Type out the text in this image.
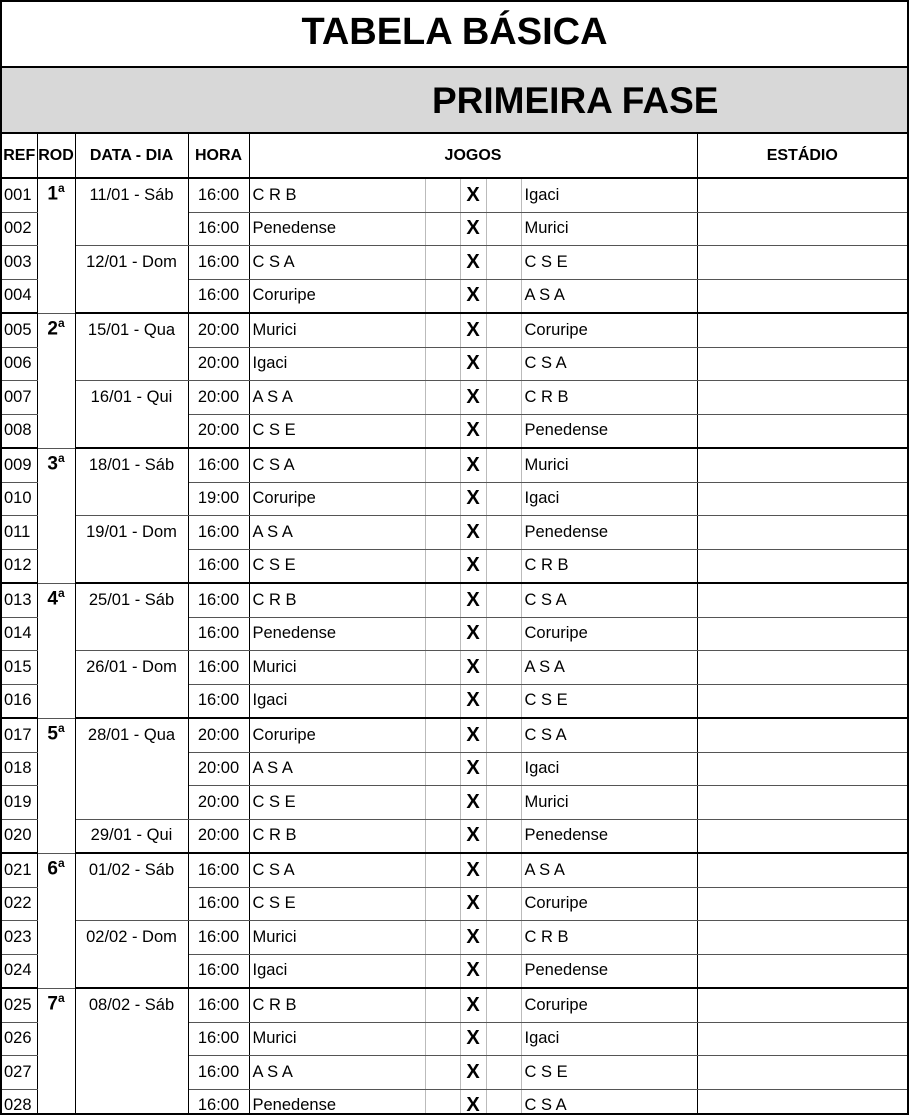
TABELA BÁSICA
PRIMEIRA FASE
REF	ROD	DATA - DIA	HORA	JOGOS					ESTÁDIO
001	1$^a$	11/01 - Sáb	16:00	C R B		X		Igaci	
002			16:00	Penedense		X		Murici	
003		12/01 - Dom	16:00	C S A		X		C S E	
004			16:00	Coruripe		X		A S A	
005	2$^a$	15/01 - Qua	20:00	Murici		X		Coruripe	
006			20:00	Igaci		X		C S A	
007		16/01 - Qui	20:00	A S A		X		C R B	
008			20:00	C S E		X		Penedense	
009	3$^a$	18/01 - Sáb	16:00	C S A		X		Murici	
010			19:00	Coruripe		X		Igaci	
011		19/01 - Dom	16:00	A S A		X		Penedense	
012			16:00	C S E		X		C R B	
013	4$^a$	25/01 - Sáb	16:00	C R B		X		C S A	
014			16:00	Penedense		X		Coruripe	
015		26/01 - Dom	16:00	Murici		X		A S A	
016			16:00	Igaci		X		C S E	
017	5$^a$	28/01 - Qua	20:00	Coruripe		X		C S A	
018			20:00	A S A		X		Igaci	
019			20:00	C S E		X		Murici	
020		29/01 - Qui	20:00	C R B		X		Penedense	
021	6$^a$	01/02 - Sáb	16:00	C S A		X		A S A	
022			16:00	C S E		X		Coruripe	
023		02/02 - Dom	16:00	Murici		X		C R B	
024			16:00	Igaci		X		Penedense	
025	7$^a$	08/02 - Sáb	16:00	C R B		X		Coruripe	
026			16:00	Murici		X		Igaci	
027			16:00	A S A		X		C S E	
028			16:00	Penedense		X		C S A	
